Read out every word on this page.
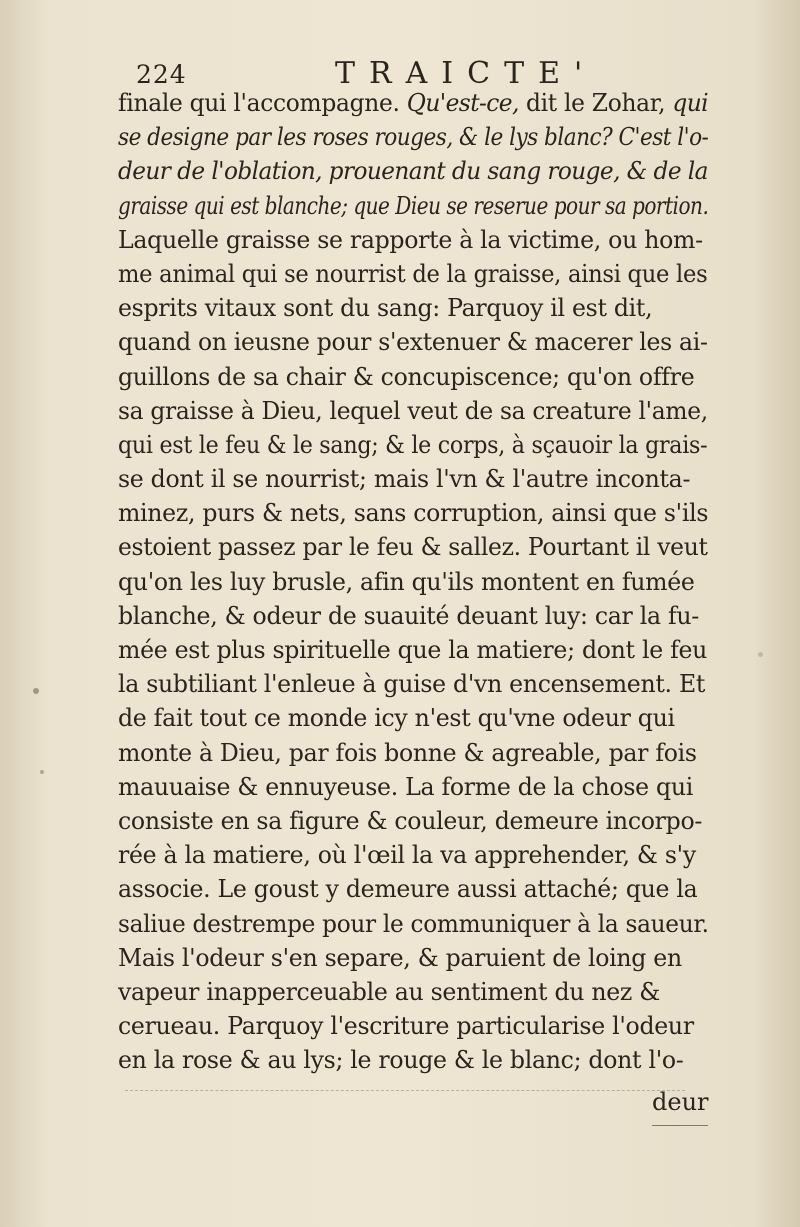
224	TRAICTE'
finale qui l'accompagne. Qu'est-ce, dit le Zohar, qui
se designe par les roses rouges, & le lys blanc? C'est l'o-
deur de l'oblation, prouenant du sang rouge, & de la
graisse qui est blanche; que Dieu se reserue pour sa portion.
Laquelle graisse se rapporte à la victime, ou hom-
me animal qui se nourrist de la graisse, ainsi que les
esprits vitaux sont du sang: Parquoy il est dit,
quand on ieusne pour s'extenuer & macerer les ai-
guillons de sa chair & concupiscence; qu'on offre
sa graisse à Dieu, lequel veut de sa creature l'ame,
qui est le feu & le sang; & le corps, à sçauoir la grais-
se dont il se nourrist; mais l'vn & l'autre inconta-
minez, purs & nets, sans corruption, ainsi que s'ils
estoient passez par le feu & sallez. Pourtant il veut
qu'on les luy brusle, afin qu'ils montent en fumée
blanche, & odeur de suauité deuant luy: car la fu-
mée est plus spirituelle que la matiere; dont le feu
la subtiliant l'enleue à guise d'vn encensement. Et
de fait tout ce monde icy n'est qu'vne odeur qui
monte à Dieu, par fois bonne & agreable, par fois
mauuaise & ennuyeuse. La forme de la chose qui
consiste en sa figure & couleur, demeure incorpo-
rée à la matiere, où l'œil la va apprehender, & s'y
associe. Le goust y demeure aussi attaché; que la
saliue destrempe pour le communiquer à la saueur.
Mais l'odeur s'en separe, & paruient de loing en
vapeur inapperceuable au sentiment du nez &
cerueau. Parquoy l'escriture particularise l'odeur
en la rose & au lys; le rouge & le blanc; dont l'o-
deur
